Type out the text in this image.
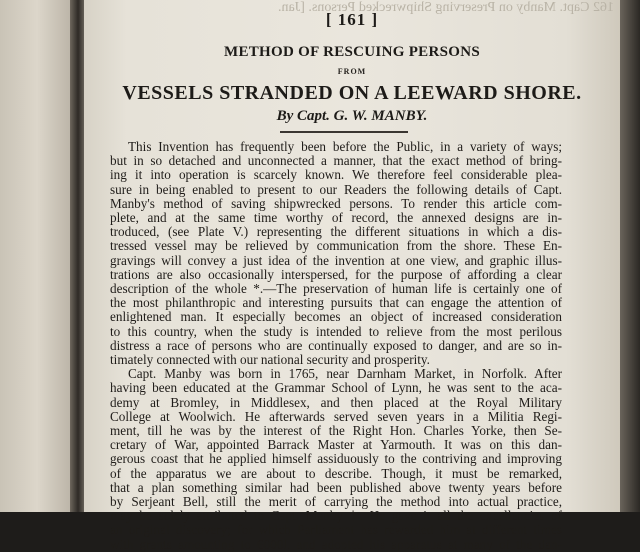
162 Capt. Manby on Preserving Shipwrecked Persons. [Jan.
[ 161 ]
METHOD OF RESCUING PERSONS
FROM
VESSELS STRANDED ON A LEEWARD SHORE.
By Capt. G. W. MANBY.
This Invention has frequently been before the Public, in a variety of ways;
but in so detached and unconnected a manner, that the exact method of bring-
ing it into operation is scarcely known. We therefore feel considerable plea-
sure in being enabled to present to our Readers the following details of Capt.
Manby's method of saving shipwrecked persons. To render this article com-
plete, and at the same time worthy of record, the annexed designs are in-
troduced, (see Plate V.) representing the different situations in which a dis-
tressed vessel may be relieved by communication from the shore. These En-
gravings will convey a just idea of the invention at one view, and graphic illus-
trations are also occasionally interspersed, for the purpose of affording a clear
description of the whole *.—The preservation of human life is certainly one of
the most philanthropic and interesting pursuits that can engage the attention of
enlightened man. It especially becomes an object of increased consideration
to this country, when the study is intended to relieve from the most perilous
distress a race of persons who are continually exposed to danger, and are so in-
timately connected with our national security and prosperity.
Capt. Manby was born in 1765, near Darnham Market, in Norfolk. After
having been educated at the Grammar School of Lynn, he was sent to the aca-
demy at Bromley, in Middlesex, and then placed at the Royal Military
College at Woolwich. He afterwards served seven years in a Militia Regi-
ment, till he was by the interest of the Right Hon. Charles Yorke, then Se-
cretary of War, appointed Barrack Master at Yarmouth. It was on this dan-
gerous coast that he applied himself assiduously to the contriving and improving
of the apparatus we are about to describe. Though, it must be remarked,
that a plan something similar had been published above twenty years before
by Serjeant Bell, still the merit of carrying the method into actual practice,
may be solely attributed to Capt. Manby †. He gave it all the excellencies of
an original discovery; for which Parliament has rewarded him at different times
with grants amounting to 6000l. and adopted his apparatus at many of the dan-
